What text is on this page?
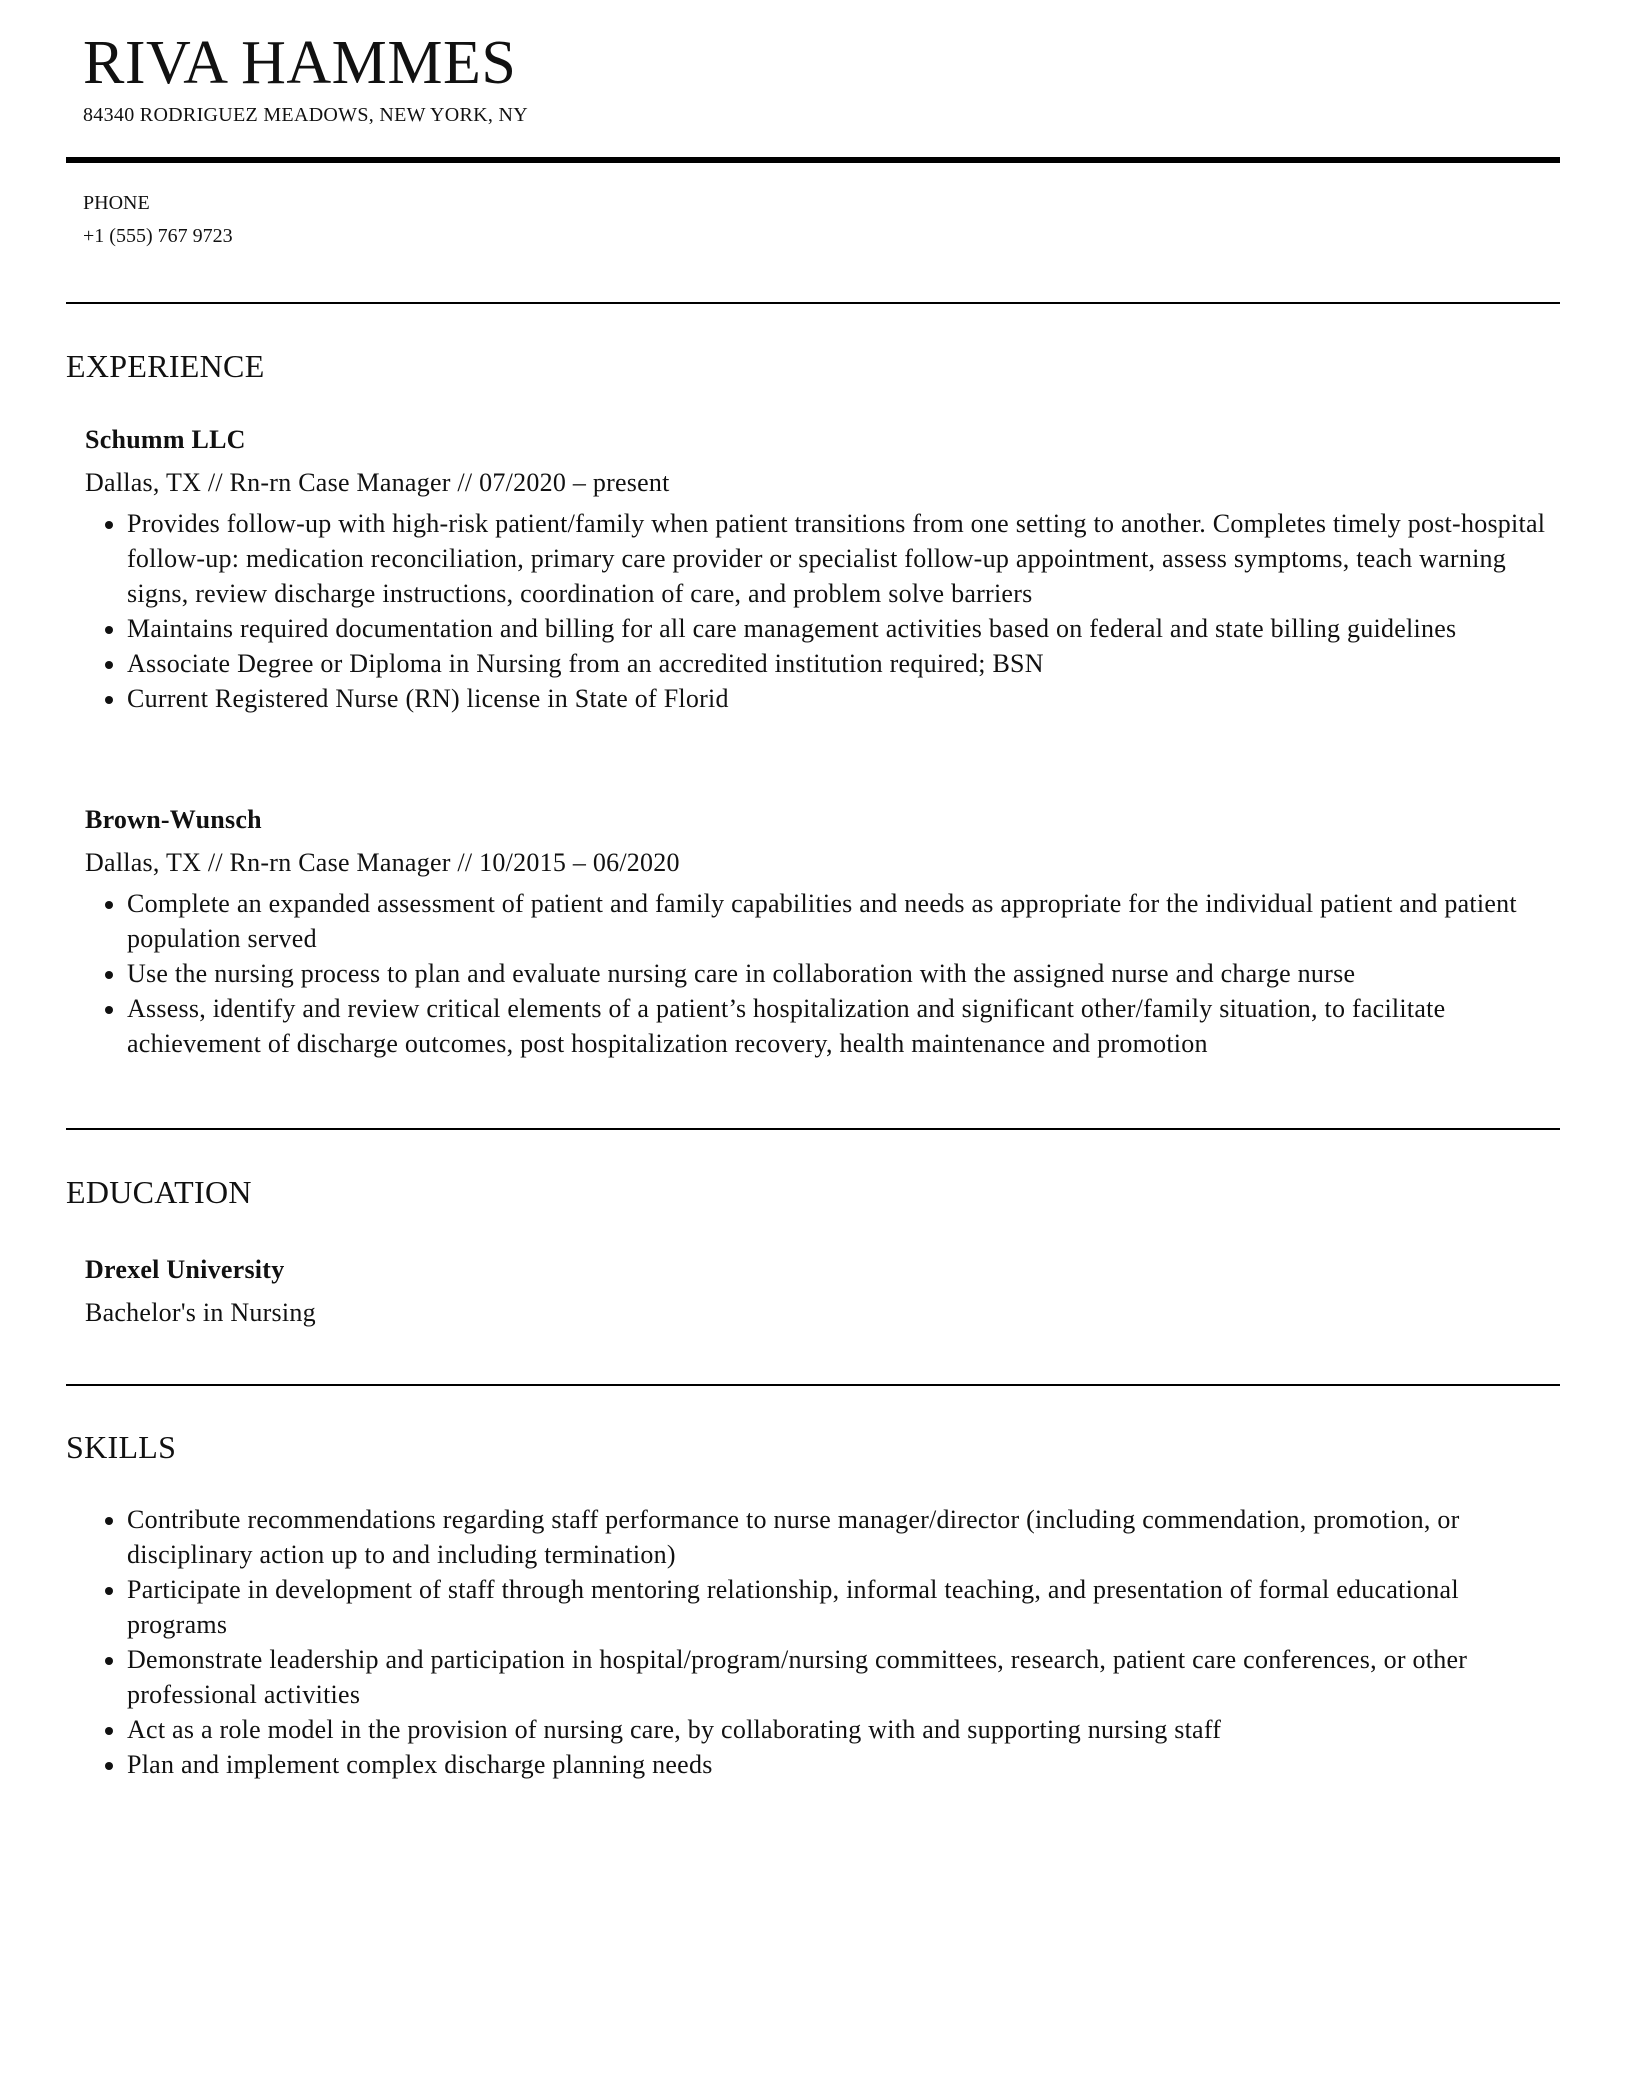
RIVA HAMMES
84340 RODRIGUEZ MEADOWS, NEW YORK, NY
PHONE
+1 (555) 767 9723
EXPERIENCE
Schumm LLC
Dallas, TX // Rn-rn Case Manager // 07/2020 – present
• Provides follow-up with high-risk patient/family when patient transitions from one setting to another. Completes timely post-hospital follow-up: medication reconciliation, primary care provider or specialist follow-up appointment, assess symptoms, teach warning signs, review discharge instructions, coordination of care, and problem solve barriers
• Maintains required documentation and billing for all care management activities based on federal and state billing guidelines
• Associate Degree or Diploma in Nursing from an accredited institution required; BSN
• Current Registered Nurse (RN) license in State of Florid
Brown-Wunsch
Dallas, TX // Rn-rn Case Manager // 10/2015 – 06/2020
• Complete an expanded assessment of patient and family capabilities and needs as appropriate for the individual patient and patient population served
• Use the nursing process to plan and evaluate nursing care in collaboration with the assigned nurse and charge nurse
• Assess, identify and review critical elements of a patient’s hospitalization and significant other/family situation, to facilitate achievement of discharge outcomes, post hospitalization recovery, health maintenance and promotion
EDUCATION
Drexel University
Bachelor's in Nursing
SKILLS
• Contribute recommendations regarding staff performance to nurse manager/director (including commendation, promotion, or disciplinary action up to and including termination)
• Participate in development of staff through mentoring relationship, informal teaching, and presentation of formal educational programs
• Demonstrate leadership and participation in hospital/program/nursing committees, research, patient care conferences, or other professional activities
• Act as a role model in the provision of nursing care, by collaborating with and supporting nursing staff
• Plan and implement complex discharge planning needs
